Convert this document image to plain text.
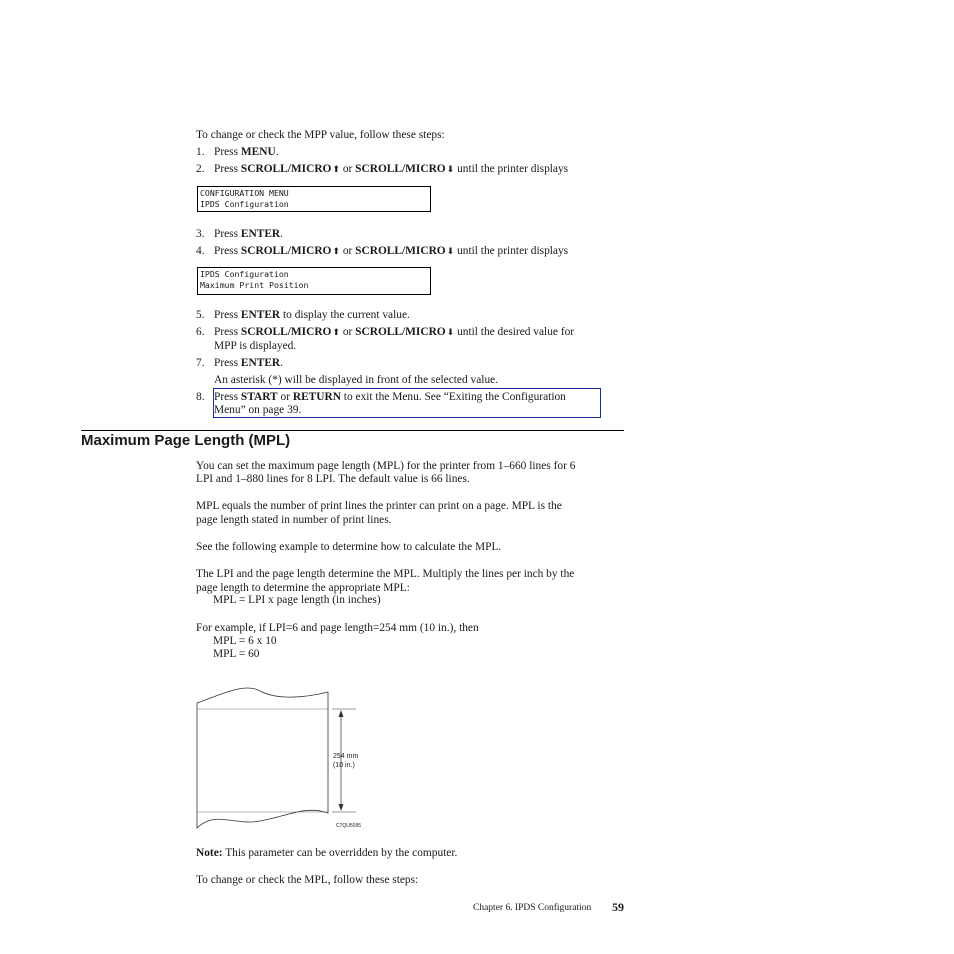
To change or check the MPP value, follow these steps:
1. Press MENU.
2. Press SCROLL/MICRO⬆ or SCROLL/MICRO⬇ until the printer displays
CONFIGURATION MENU
IPDS Configuration
3. Press ENTER.
4. Press SCROLL/MICRO⬆ or SCROLL/MICRO⬇ until the printer displays
IPDS Configuration
Maximum Print Position
5. Press ENTER to display the current value.
6. Press SCROLL/MICRO⬆ or SCROLL/MICRO⬇ until the desired value for
MPP is displayed.
7. Press ENTER.
An asterisk (*) will be displayed in front of the selected value.
8. Press START or RETURN to exit the Menu. See “Exiting the Configuration
Menu” on page 39.
Maximum Page Length (MPL)
You can set the maximum page length (MPL) for the printer from 1–660 lines for 6
LPI and 1–880 lines for 8 LPI. The default value is 66 lines.
MPL equals the number of print lines the printer can print on a page. MPL is the
page length stated in number of print lines.
See the following example to determine how to calculate the MPL.
The LPI and the page length determine the MPL. Multiply the lines per inch by the
page length to determine the appropriate MPL:
MPL = LPI x page length (in inches)
For example, if LPI=6 and page length=254 mm (10 in.), then
MPL = 6 x 10
MPL = 60
254 mm
(10 in.)
C7QU5095
Note: This parameter can be overridden by the computer.
To change or check the MPL, follow these steps:
Chapter 6. IPDS Configuration 59
